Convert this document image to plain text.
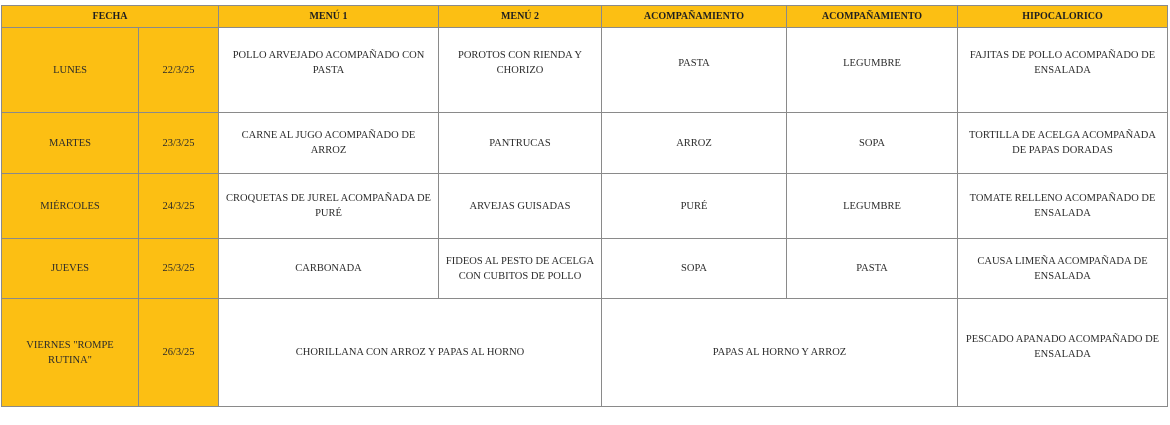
FECHA		MENÚ 1	MENÚ 2	ACOMPAÑAMIENTO	ACOMPAÑAMIENTO	HIPOCALORICO
LUNES	22/3/25	POLLO ARVEJADO ACOMPAÑADO CON PASTA	POROTOS CON RIENDA Y CHORIZO	PASTA	LEGUMBRE	FAJITAS DE POLLO ACOMPAÑADO DE ENSALADA
MARTES	23/3/25	CARNE AL JUGO ACOMPAÑADO DE ARROZ	PANTRUCAS	ARROZ	SOPA	TORTILLA DE ACELGA ACOMPAÑADA DE PAPAS DORADAS
MIÉRCOLES	24/3/25	CROQUETAS DE JUREL ACOMPAÑADA DE PURÉ	ARVEJAS GUISADAS	PURÉ	LEGUMBRE	TOMATE RELLENO ACOMPAÑADO DE ENSALADA
JUEVES	25/3/25	CARBONADA	FIDEOS AL PESTO DE ACELGA CON CUBITOS DE POLLO	SOPA	PASTA	CAUSA LIMEÑA ACOMPAÑADA DE ENSALADA
VIERNES "ROMPE RUTINA"	26/3/25	CHORILLANA CON ARROZ Y PAPAS AL HORNO		PAPAS AL HORNO Y ARROZ		PESCADO APANADO ACOMPAÑADO DE ENSALADA
